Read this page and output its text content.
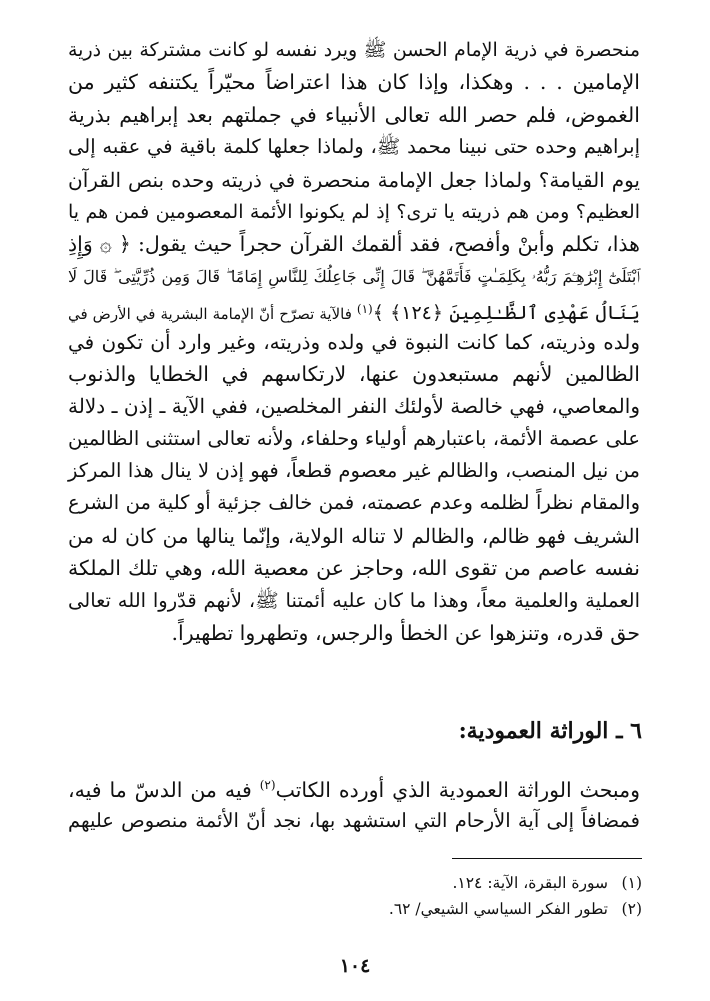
منحصرة في ذرية الإمام الحسن ﷺ ويرد نفسه لو كانت مشتركة بين ذرية
الإمامين . . . وهكذا، وإذا كان هذا اعتراضاً محيّراً يكتنفه كثير من
الغموض، فلم حصر الله تعالى الأنبياء في جملتهم بعد إبراهيم بذرية
إبراهيم وحده حتى نبينا محمد ﷺ، ولماذا جعلها كلمة باقية في عقبه إلى
يوم القيامة؟ ولماذا جعل الإمامة منحصرة في ذريته وحده بنص القرآن
العظيم؟ ومن هم ذريته يا ترى؟ إذ لم يكونوا الأئمة المعصومين فمن هم يا
هذا، تكلم وأبنْ وأفصح، فقد ألقمك القرآن حجراً حيث يقول: ﴿ ۞ وَإِذِ
ٱبْتَلَىٰٓ إِبْرَٰهِـۧمَ رَبُّهُۥ بِكَلِمَـٰتٍ فَأَتَمَّهُنَّ ۖ قَالَ إِنِّى جَاعِلُكَ لِلنَّاسِ إِمَامًا ۖ قَالَ وَمِن ذُرِّيَّتِى ۖ قَالَ لَا
يَنَالُ عَهْدِى ٱلظَّـٰلِمِينَ ﴿١٢٤﴾ ﴾$^{(١)}$ فالآية تصرّح أنّ الإمامة البشرية في الأرض في
ولده وذريته، كما كانت النبوة في ولده وذريته، وغير وارد أن تكون في
الظالمين لأنهم مستبعدون عنها، لارتكاسهم في الخطايا والذنوب
والمعاصي، فهي خالصة لأولئك النفر المخلصين، ففي الآية ـ إذن ـ دلالة
على عصمة الأئمة، باعتبارهم أولياء وحلفاء، ولأنه تعالى استثنى الظالمين
من نيل المنصب، والظالم غير معصوم قطعاً، فهو إذن لا ينال هذا المركز
والمقام نظراً لظلمه وعدم عصمته، فمن خالف جزئية أو كلية من الشرع
الشريف فهو ظالم، والظالم لا تناله الولاية، وإنّما ينالها من كان له من
نفسه عاصم من تقوى الله، وحاجز عن معصية الله، وهي تلك الملكة
العملية والعلمية معاً، وهذا ما كان عليه أئمتنا ﷺ، لأنهم قدّروا الله تعالى
حق قدره، وتنزهوا عن الخطأ والرجس، وتطهروا تطهيراً.
٦ ـ الوراثة العمودية:
ومبحث الوراثة العمودية الذي أورده الكاتب$^{(٢)}$ فيه من الدسّ ما فيه،
فمضافاً إلى آية الأرحام التي استشهد بها، نجد أنّ الأئمة منصوص عليهم
(١)سورة البقرة، الآية: ١٢٤.
(٢)تطور الفكر السياسي الشيعي/ ٦٢.
١٠٤
